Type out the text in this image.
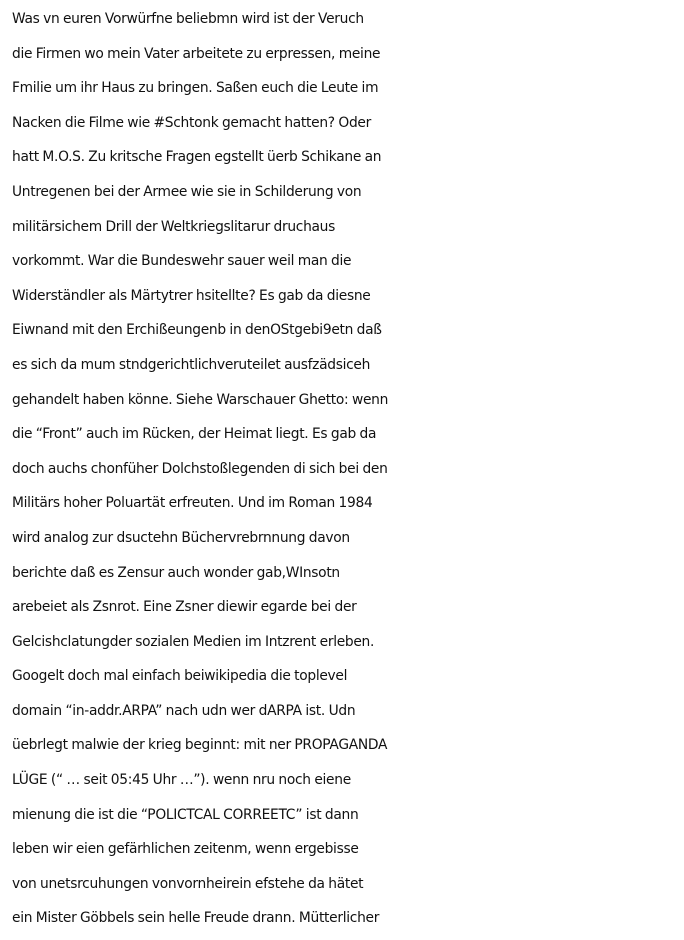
Was vn euren Vorwürfne beliebmn wird ist der Veruch
die Firmen wo mein Vater arbeitete zu erpressen, meine
Fmilie um ihr Haus zu bringen. Saßen euch die Leute im
Nacken die Filme wie #Schtonk gemacht hatten? Oder
hatt M.O.S. Zu kritsche Fragen egstellt üerb Schikane an
Untregenen bei der Armee wie sie in Schilderung von
militärsichem Drill der Weltkriegslitarur druchaus
vorkommt. War die Bundeswehr sauer weil man die
Widerständler als Märtytrer hsitellte? Es gab da diesne
Eiwnand mit den Erchißeungenb in denOStgebi9etn daß
es sich da mum stndgerichtlichveruteilet ausfzädsiceh
gehandelt haben könne. Siehe Warschauer Ghetto: wenn
die “Front” auch im Rücken, der Heimat liegt. Es gab da
doch auchs chonfüher Dolchstoßlegenden di sich bei den
Militärs hoher Poluartät erfreuten. Und im Roman 1984
wird analog zur dsuctehn Büchervrebrnnung davon
berichte daß es Zensur auch wonder gab,WInsotn
arebeiet als Zsnrot. Eine Zsner diewir egarde bei der
Gelcishclatungder sozialen Medien im Intzrent erleben.
Googelt doch mal einfach beiwikipedia die toplevel
domain “in-addr.ARPA” nach udn wer dARPA ist. Udn
üebrlegt malwie der krieg beginnt: mit ner PROPAGANDA
LÜGE (“ … seit 05:45 Uhr …”). wenn nru noch eiene
mienung die ist die “POLICTCAL CORREETC” ist dann
leben wir eien gefärhlichen zeitenm, wenn ergebisse
von unetsrcuhungen vonvornheirein efstehe da hätet
ein Mister Göbbels sein helle Freude drann. Mütterlicher
